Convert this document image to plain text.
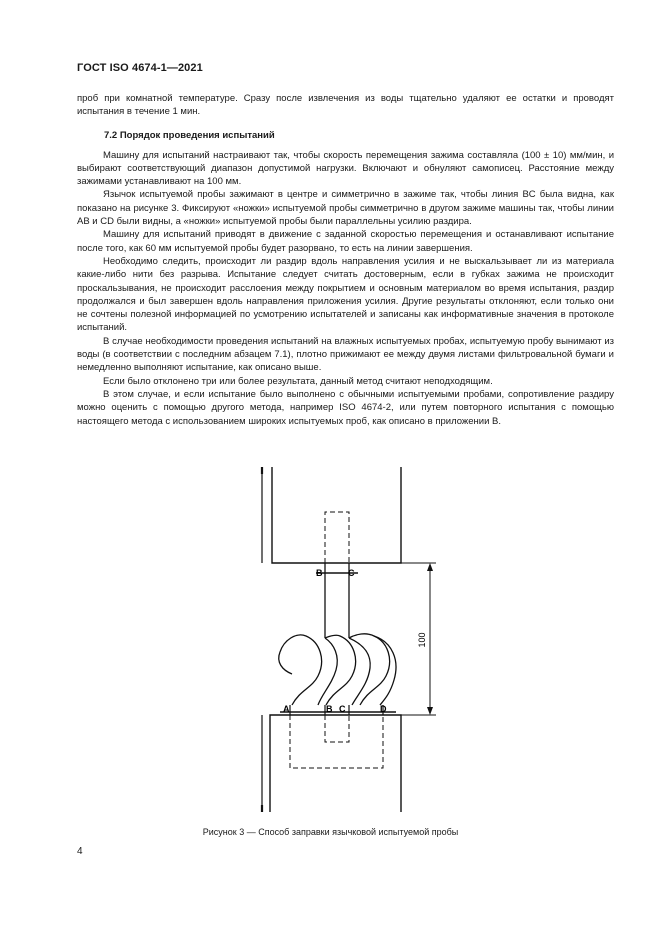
ГОСТ ISO 4674-1—2021

проб при комнатной температуре. Сразу после извлечения из воды тщательно удаляют ее остатки и проводят испытания в течение 1 мин.

7.2 Порядок проведения испытаний

Машину для испытаний настраивают так, чтобы скорость перемещения зажима составляла (100 ± 10) мм/мин, и выбирают соответствующий диапазон допустимой нагрузки. Включают и обнуляют самописец. Расстояние между зажимами устанавливают на 100 мм.

Язычок испытуемой пробы зажимают в центре и симметрично в зажиме так, чтобы линия BC была видна, как показано на рисунке 3. Фиксируют «ножки» испытуемой пробы симметрично в другом зажиме машины так, чтобы линии AB и CD были видны, а «ножки» испытуемой пробы были параллельны усилию раздира.

Машину для испытаний приводят в движение с заданной скоростью перемещения и останавливают испытание после того, как 60 мм испытуемой пробы будет разорвано, то есть на линии завершения.

Необходимо следить, происходит ли раздир вдоль направления усилия и не выскальзывает ли из материала какие-либо нити без разрыва. Испытание следует считать достоверным, если в губках зажима не происходит проскальзывания, не происходит расслоения между покрытием и основным материалом во время испытания, раздир продолжался и был завершен вдоль направления приложения усилия. Другие результаты отклоняют, если только они не сочтены полезной информацией по усмотрению испытателей и записаны как информативные значения в протоколе испытаний.

В случае необходимости проведения испытаний на влажных испытуемых пробах, испытуемую пробу вынимают из воды (в соответствии с последним абзацем 7.1), плотно прижимают ее между двумя листами фильтровальной бумаги и немедленно выполняют испытание, как описано выше.

Если было отклонено три или более результата, данный метод считают неподходящим.

В этом случае, и если испытание было выполнено с обычными испытуемыми пробами, сопротивление раздиру можно оценить с помощью другого метода, например ISO 4674-2, или путем повторного испытания с помощью настоящего метода с использованием широких испытуемых проб, как описано в приложении B.

100
B	C
A	B C	D
Рисунок 3 — Способ заправки язычковой испытуемой пробы
4
